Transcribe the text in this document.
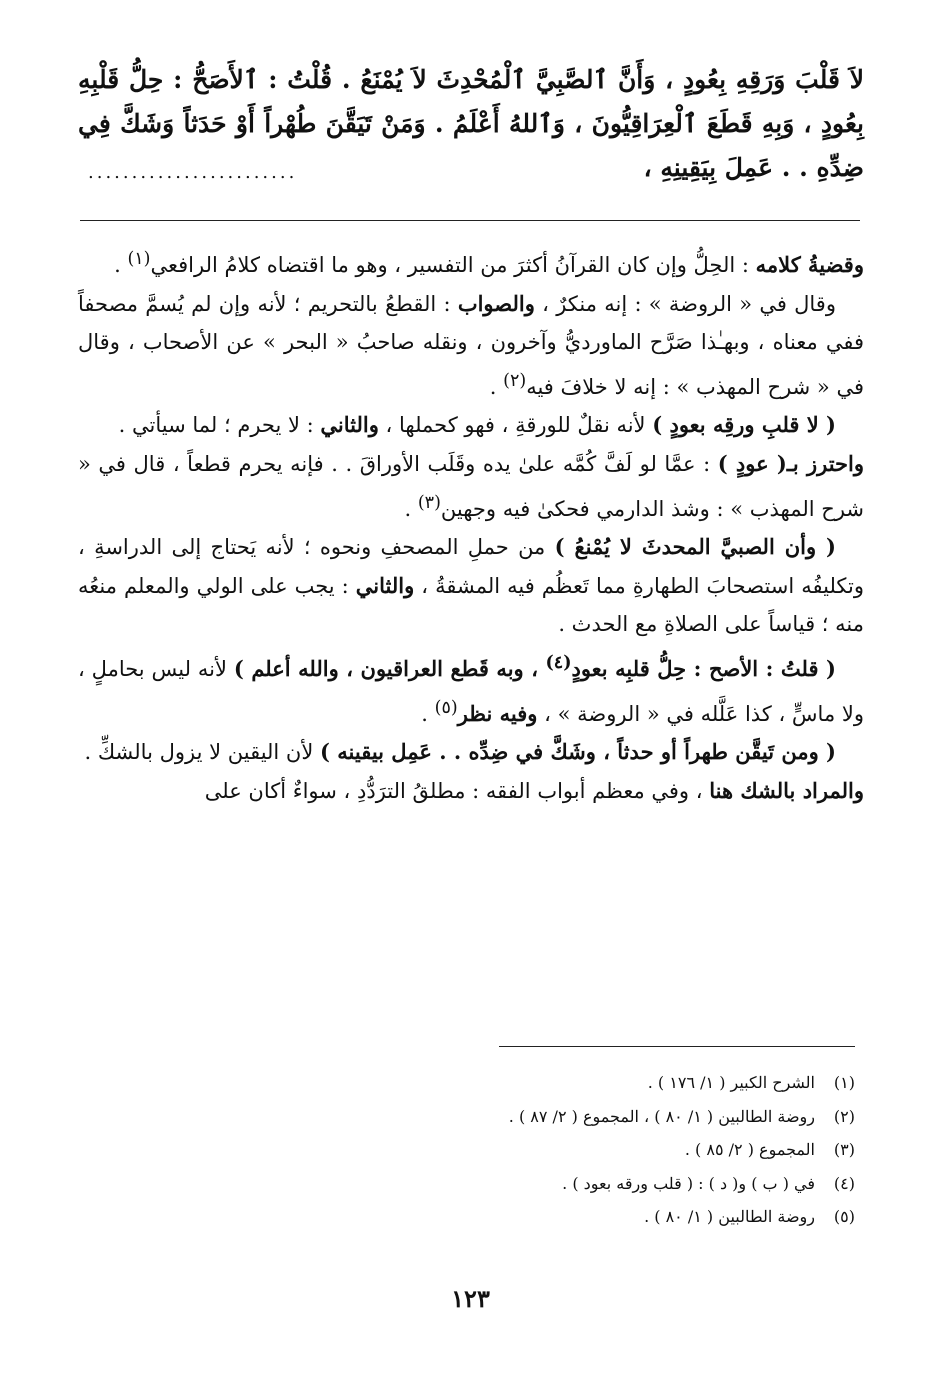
لاَ قَلْبَ وَرَقِهِ بِعُودٍ ، وَأَنَّ ٱلصَّبِيَّ ٱلْمُحْدِثَ لاَ يُمْنَعُ . قُلْتُ : ٱلأَصَحُّ : حِلُّ قَلْبِهِ بِعُودٍ ، وَبِهِ قَطَعَ ٱلْعِرَاقِيُّونَ ، وَٱللهُ أَعْلَمُ . وَمَنْ تَيَقَّنَ طُهْراً أَوْ حَدَثاً وَشَكَّ فِي ضِدِّهِ . . عَمِلَ بِيَقِينِهِ ،
........................

وقضيةُ كلامه : الحِلُّ وإن كان القرآنُ أكثرَ من التفسير ، وهو ما اقتضاه كلامُ الرافعي$^{(١)}$ .

وقال في « الروضة » : إنه منكرٌ ، والصواب : القطعُ بالتحريم ؛ لأنه وإن لم يُسمَّ مصحفاً ففي معناه ، وبهـٰذا صَرَّح الماورديُّ وآخرون ، ونقله صاحبُ « البحر » عن الأصحاب ، وقال في « شرح المهذب » : إنه لا خلافَ فيه$^{(٢)}$ .

( لا قلبِ ورقِه بعودٍ ) لأنه نقلٌ للورقةِ ، فهو كحملها ، والثاني : لا يحرم ؛ لما سيأتي .

واحترز بـ( عودٍ ) : عمَّا لو لَفَّ كُمَّه علىٰ يده وقَلَب الأوراقَ . . فإنه يحرم قطعاً ، قال في « شرح المهذب » : وشذ الدارمي فحكىٰ فيه وجهين$^{(٣)}$ .

( وأن الصبيَّ المحدثَ لا يُمْنعُ ) من حملِ المصحفِ ونحوه ؛ لأنه يَحتاج إلى الدراسةِ ، وتكليفُه استصحابَ الطهارةِ مما تَعظُم فيه المشقةُ ، والثاني : يجب على الولي والمعلم منعُه منه ؛ قياساً على الصلاةِ مع الحدث .

( قلتُ : الأصح : حِلُّ قلبِه بعودٍ$^{(٤)}$ ، وبه قَطع العراقيون ، والله أعلم ) لأنه ليس بحاملٍ ، ولا ماسٍّ ، كذا عَلَّله في « الروضة » ، وفيه نظر$^{(٥)}$ .

( ومن تَيقَّن طهراً أو حدثاً ، وشَكَّ في ضِدِّه . . عَمِل بيقينه ) لأن اليقين لا يزول بالشكِّ .

والمراد بالشك هنا ، وفي معظم أبواب الفقه : مطلقُ الترَدُّدِ ، سواءٌ أكان على

(١)
الشرح الكبير ( ١/ ١٧٦ ) .
(٢)
روضة الطالبين ( ١/ ٨٠ ) ، المجموع ( ٢/ ٨٧ ) .
(٣)
المجموع ( ٢/ ٨٥ ) .
(٤)
في ( ب ) و( د ) : ( قلب ورقه بعود ) .
(٥)
روضة الطالبين ( ١/ ٨٠ ) .
١٢٣
